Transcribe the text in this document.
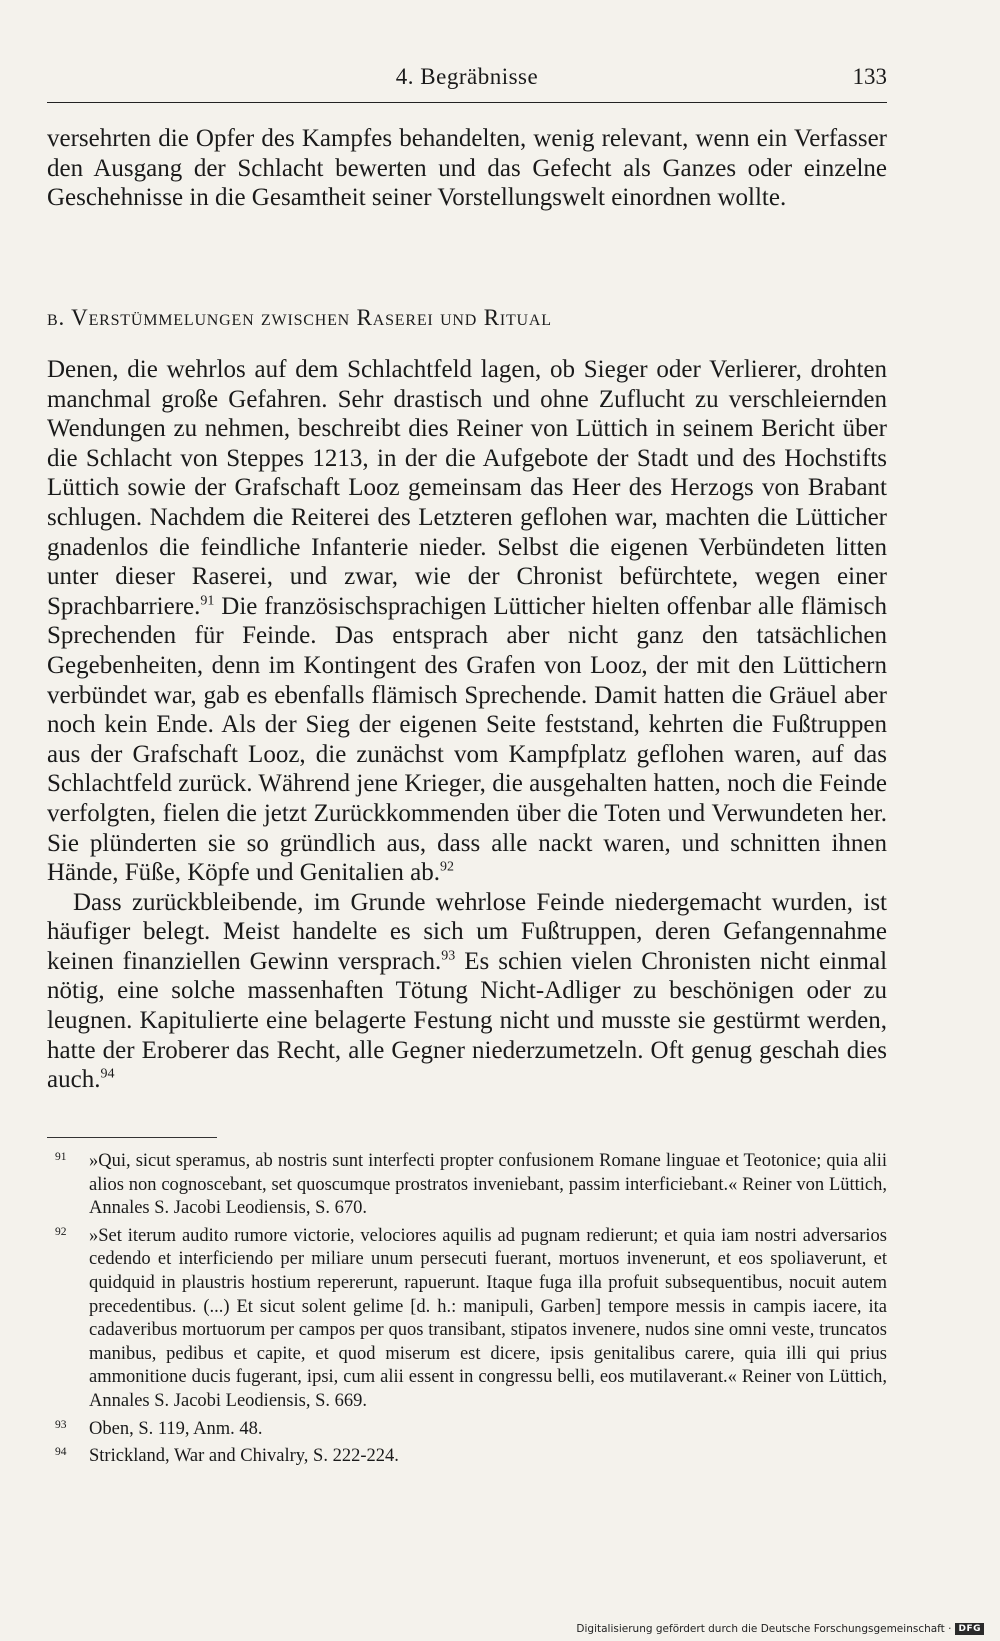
4. Begräbnisse	133

versehrten die Opfer des Kampfes behandelten, wenig relevant, wenn ein Verfasser den Ausgang der Schlacht bewerten und das Gefecht als Ganzes oder einzelne Geschehnisse in die Gesamtheit seiner Vorstellungswelt einordnen wollte.

b. Verstümmelungen zwischen Raserei und Ritual

Denen, die wehrlos auf dem Schlachtfeld lagen, ob Sieger oder Verlierer, drohten manchmal große Gefahren. Sehr drastisch und ohne Zuflucht zu verschleiernden Wendungen zu nehmen, beschreibt dies Reiner von Lüttich in seinem Bericht über die Schlacht von Steppes 1213, in der die Aufgebote der Stadt und des Hochstifts Lüttich sowie der Grafschaft Looz gemeinsam das Heer des Herzogs von Brabant schlugen. Nachdem die Reiterei des Letzteren geflohen war, machten die Lütticher gnadenlos die feindliche Infanterie nieder. Selbst die eigenen Verbündeten litten unter dieser Raserei, und zwar, wie der Chronist befürchtete, wegen einer Sprachbarriere.$^{91}$ Die französischsprachigen Lütticher hielten offenbar alle flämisch Sprechenden für Feinde. Das entsprach aber nicht ganz den tatsächlichen Gegebenheiten, denn im Kontingent des Grafen von Looz, der mit den Lüttichern verbündet war, gab es ebenfalls flämisch Sprechende. Damit hatten die Gräuel aber noch kein Ende. Als der Sieg der eigenen Seite feststand, kehrten die Fußtruppen aus der Grafschaft Looz, die zunächst vom Kampfplatz geflohen waren, auf das Schlachtfeld zurück. Während jene Krieger, die ausgehalten hatten, noch die Feinde verfolgten, fielen die jetzt Zurückkommenden über die Toten und Verwundeten her. Sie plünderten sie so gründlich aus, dass alle nackt waren, und schnitten ihnen Hände, Füße, Köpfe und Genitalien ab.$^{92}$

Dass zurückbleibende, im Grunde wehrlose Feinde niedergemacht wurden, ist häufiger belegt. Meist handelte es sich um Fußtruppen, deren Gefangennahme keinen finanziellen Gewinn versprach.$^{93}$ Es schien vielen Chronisten nicht einmal nötig, eine solche massenhaften Tötung Nicht-Adliger zu beschönigen oder zu leugnen. Kapitulierte eine belagerte Festung nicht und musste sie gestürmt werden, hatte der Eroberer das Recht, alle Gegner niederzumetzeln. Oft genug geschah dies auch.$^{94}$

91 »Qui, sicut speramus, ab nostris sunt interfecti propter confusionem Romane linguae et Teotonice; quia alii alios non cognoscebant, set quoscumque prostratos inveniebant, passim interficiebant.« Reiner von Lüttich, Annales S. Jacobi Leodiensis, S. 670.
92 »Set iterum audito rumore victorie, velociores aquilis ad pugnam redierunt; et quia iam nostri adversarios cedendo et interficiendo per miliare unum persecuti fuerant, mortuos invenerunt, et eos spoliaverunt, et quidquid in plaustris hostium repererunt, rapuerunt. Itaque fuga illa profuit subsequentibus, nocuit autem precedentibus. (...) Et sicut solent gelime [d. h.: manipuli, Garben] tempore messis in campis iacere, ita cadaveribus mortuorum per campos per quos transibant, stipatos invenere, nudos sine omni veste, truncatos manibus, pedibus et capite, et quod miserum est dicere, ipsis genitalibus carere, quia illi qui prius ammonitione ducis fugerant, ipsi, cum alii essent in congressu belli, eos mutilaverant.« Reiner von Lüttich, Annales S. Jacobi Leodiensis, S. 669.
93 Oben, S. 119, Anm. 48.
94 Strickland, War and Chivalry, S. 222-224.
Digitalisierung gefördert durch die Deutsche Forschungsgemeinschaft · DFG
